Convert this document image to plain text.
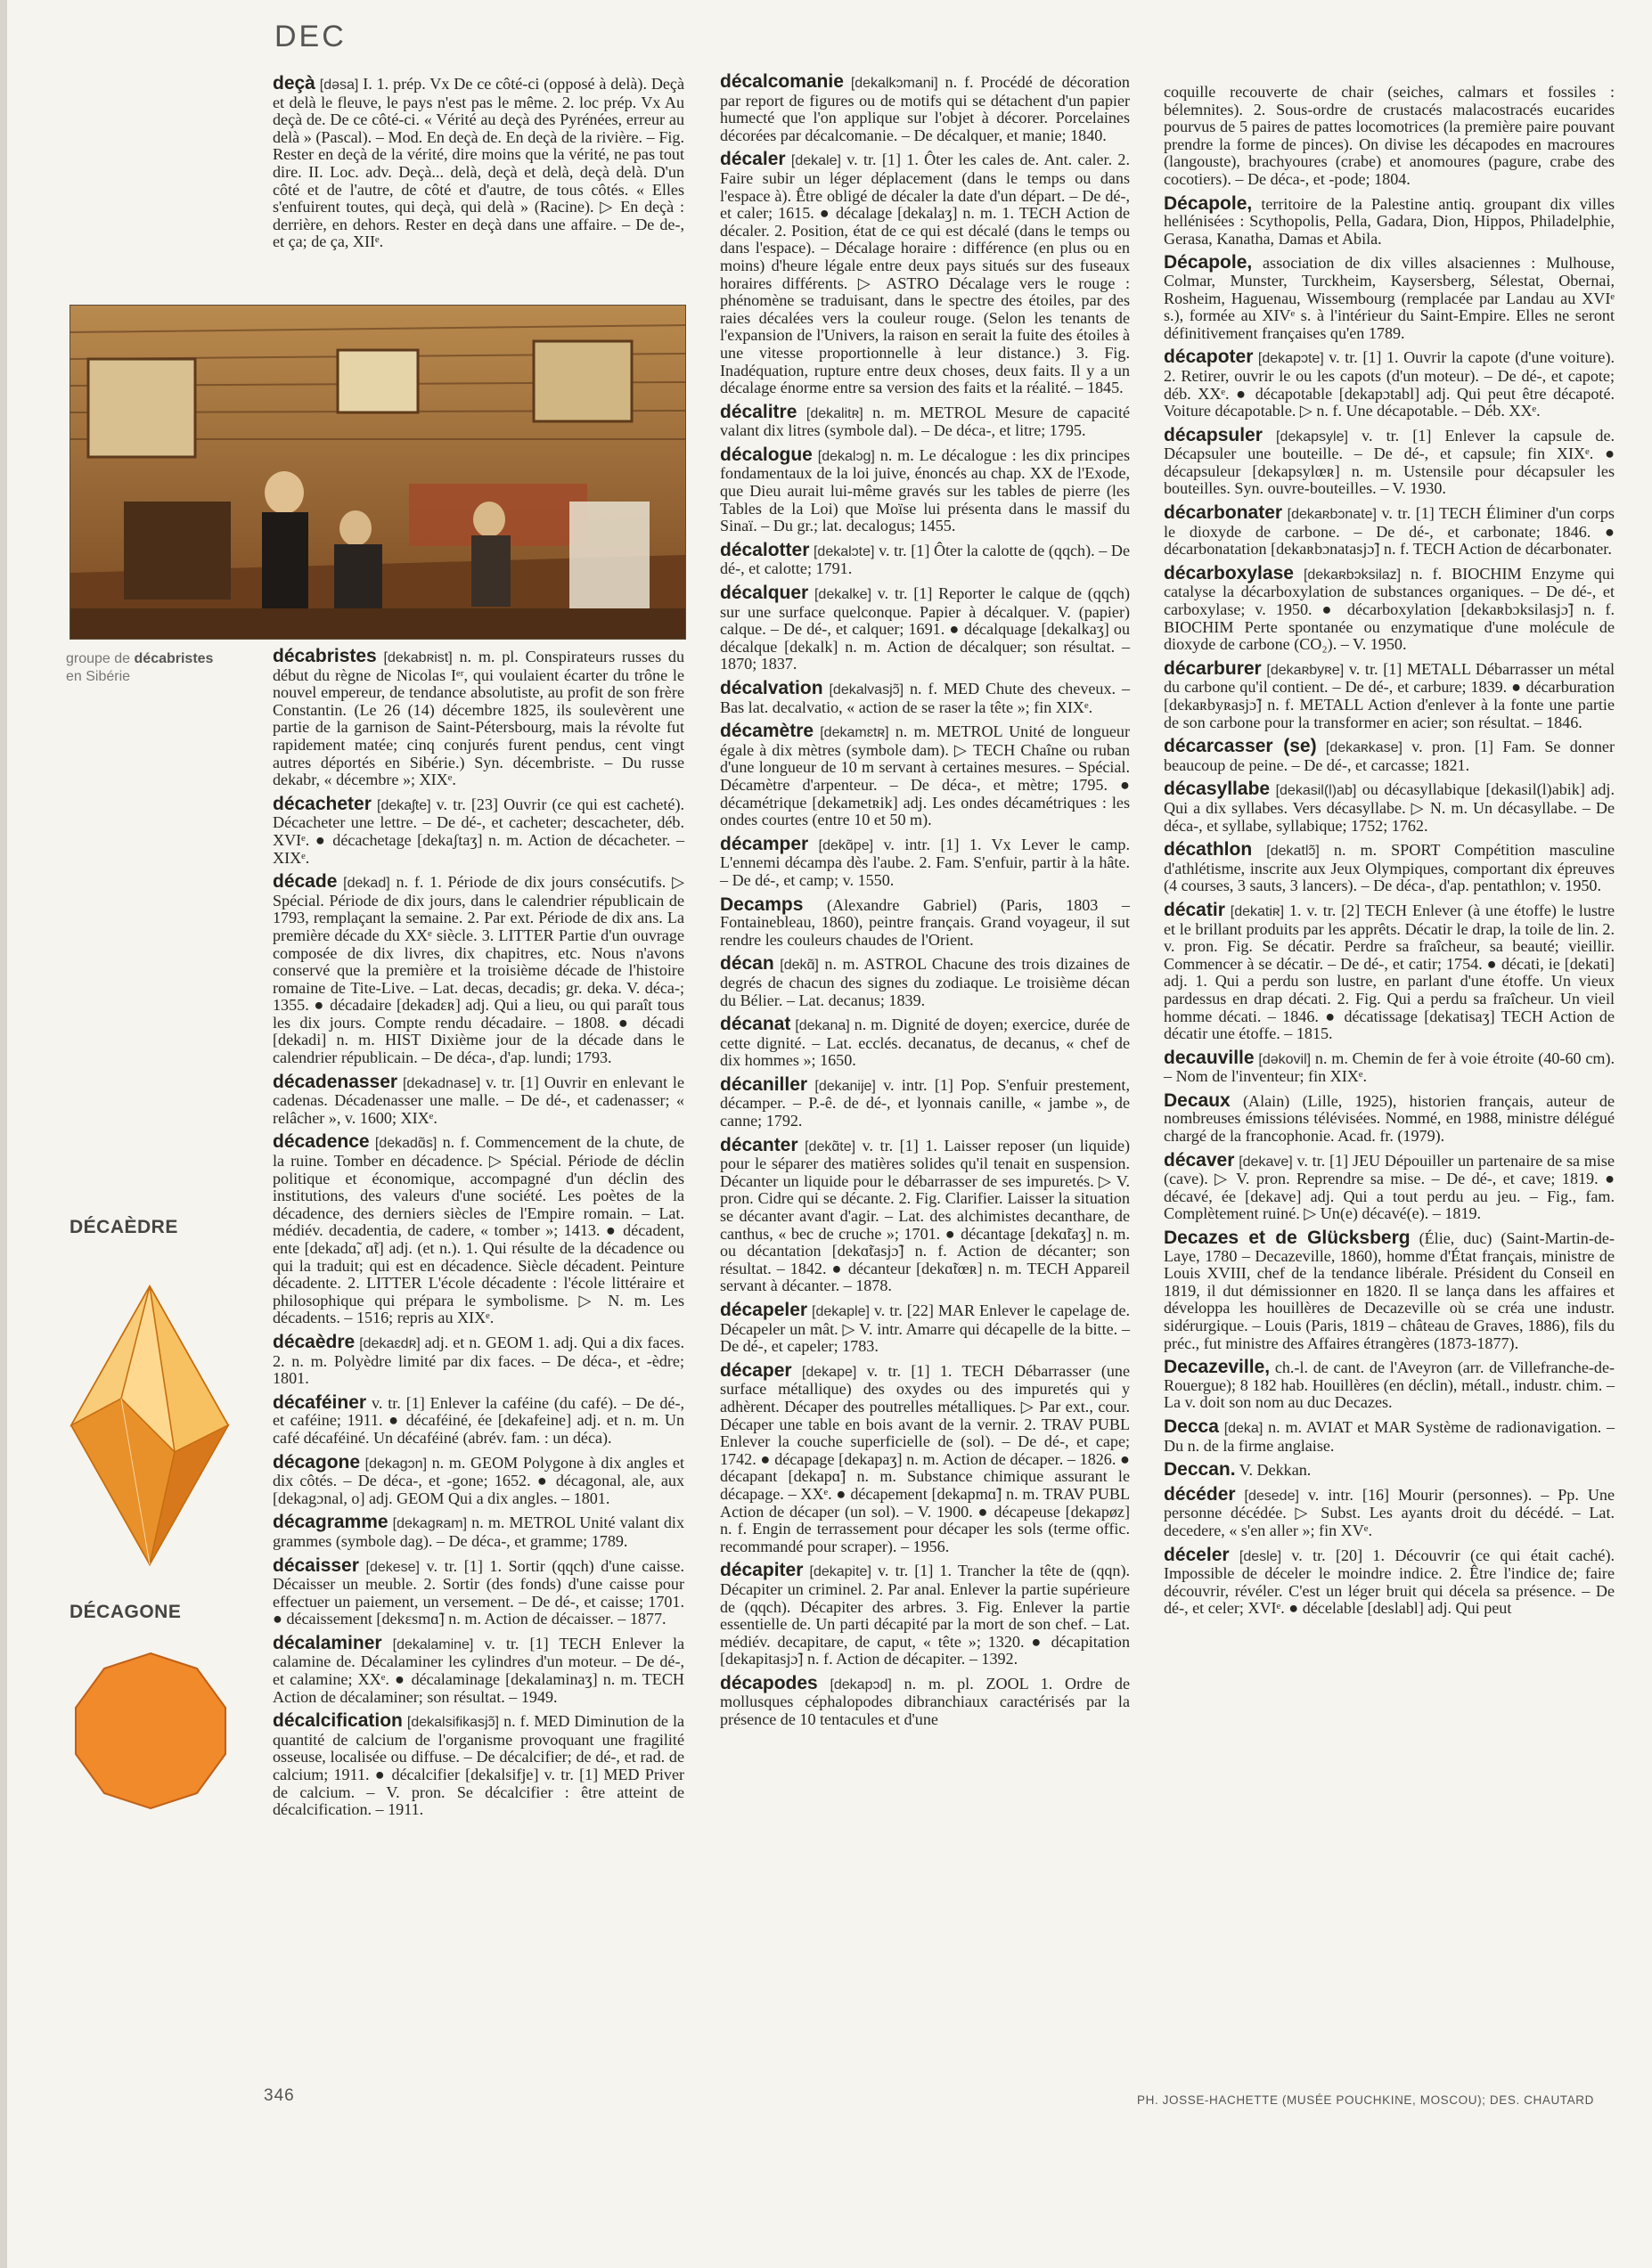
DEC
groupe de décabristes
en Sibérie
DÉCAÈDRE
DÉCAGONE

deçà [dəsa] I. 1. prép. Vx De ce côté-ci (opposé à delà). Deçà et delà le fleuve, le pays n'est pas le même. 2. loc prép. Vx Au deçà de. De ce côté-ci. « Vérité au deçà des Pyrénées, erreur au delà » (Pascal). – Mod. En deçà de. En deçà de la rivière. – Fig. Rester en deçà de la vérité, dire moins que la vérité, ne pas tout dire. II. Loc. adv. Deçà... delà, deçà et delà, deçà delà. D'un côté et de l'autre, de côté et d'autre, de tous côtés. « Elles s'enfuirent toutes, qui deçà, qui delà » (Racine). ▷ En deçà : derrière, en dehors. Rester en deçà dans une affaire. – De de-, et ça; de ça, XIIᵉ.

décabristes [dekabʀist] n. m. pl. Conspirateurs russes du début du règne de Nicolas Iᵉʳ, qui voulaient écarter du trône le nouvel empereur, de tendance absolutiste, au profit de son frère Constantin. (Le 26 (14) décembre 1825, ils soulevèrent une partie de la garnison de Saint-Pétersbourg, mais la révolte fut rapidement matée; cinq conjurés furent pendus, cent vingt autres déportés en Sibérie.) Syn. décembriste. – Du russe dekabr, « décembre »; XIXᵉ.

décacheter [dekaʃte] v. tr. [23] Ouvrir (ce qui est cacheté). Décacheter une lettre. – De dé-, et cacheter; descacheter, déb. XVIᵉ. ● décachetage [dekaʃtaʒ] n. m. Action de décacheter. – XIXᵉ.

décade [dekad] n. f. 1. Période de dix jours consécutifs. ▷ Spécial. Période de dix jours, dans le calendrier républicain de 1793, remplaçant la semaine. 2. Par ext. Période de dix ans. La première décade du XXᵉ siècle. 3. LITTER Partie d'un ouvrage composée de dix livres, dix chapitres, etc. Nous n'avons conservé que la première et la troisième décade de l'histoire romaine de Tite-Live. – Lat. decas, decadis; gr. deka. V. déca-; 1355. ● décadaire [dekadɛʀ] adj. Qui a lieu, ou qui paraît tous les dix jours. Compte rendu décadaire. – 1808. ● décadi [dekadi] n. m. HIST Dixième jour de la décade dans le calendrier républicain. – De déca-, d'ap. lundi; 1793.

décadenasser [dekadnase] v. tr. [1] Ouvrir en enlevant le cadenas. Décadenasser une malle. – De dé-, et cadenasser; « relâcher », v. 1600; XIXᵉ.

décadence [dekadɑ̃s] n. f. Commencement de la chute, de la ruine. Tomber en décadence. ▷ Spécial. Période de déclin politique et économique, accompagné d'un déclin des institutions, des valeurs d'une société. Les poètes de la décadence, des derniers siècles de l'Empire romain. – Lat. médiév. decadentia, de cadere, « tomber »; 1413. ● décadent, ente [dekadɑ̃, ɑ̃t] adj. (et n.). 1. Qui résulte de la décadence ou qui la traduit; qui est en décadence. Siècle décadent. Peinture décadente. 2. LITTER L'école décadente : l'école littéraire et philosophique qui prépara le symbolisme. ▷ N. m. Les décadents. – 1516; repris au XIXᵉ.

décaèdre [dekaɛdʀ] adj. et n. GEOM 1. adj. Qui a dix faces. 2. n. m. Polyèdre limité par dix faces. – De déca-, et -èdre; 1801.

décaféiner v. tr. [1] Enlever la caféine (du café). – De dé-, et caféine; 1911. ● décaféiné, ée [dekafeine] adj. et n. m. Un café décaféiné. Un décaféiné (abrév. fam. : un déca).

décagone [dekagɔn] n. m. GEOM Polygone à dix angles et dix côtés. – De déca-, et -gone; 1652. ● décagonal, ale, aux [dekagɔnal, o] adj. GEOM Qui a dix angles. – 1801.

décagramme [dekagʀam] n. m. METROL Unité valant dix grammes (symbole dag). – De déca-, et gramme; 1789.

décaisser [dekese] v. tr. [1] 1. Sortir (qqch) d'une caisse. Décaisser un meuble. 2. Sortir (des fonds) d'une caisse pour effectuer un paiement, un versement. – De dé-, et caisse; 1701. ● décaissement [dekɛsmɑ̃] n. m. Action de décaisser. – 1877.

décalaminer [dekalamine] v. tr. [1] TECH Enlever la calamine de. Décalaminer les cylindres d'un moteur. – De dé-, et calamine; XXᵉ. ● décalaminage [dekalaminaʒ] n. m. TECH Action de décalaminer; son résultat. – 1949.

décalcification [dekalsifikasjɔ̃] n. f. MED Diminution de la quantité de calcium de l'organisme provoquant une fragilité osseuse, localisée ou diffuse. – De décalcifier; de dé-, et rad. de calcium; 1911. ● décalcifier [dekalsifje] v. tr. [1] MED Priver de calcium. – V. pron. Se décalcifier : être atteint de décalcification. – 1911.

décalcomanie [dekalkɔmani] n. f. Procédé de décoration par report de figures ou de motifs qui se détachent d'un papier humecté que l'on applique sur l'objet à décorer. Porcelaines décorées par décalcomanie. – De décalquer, et manie; 1840.

décaler [dekale] v. tr. [1] 1. Ôter les cales de. Ant. caler. 2. Faire subir un léger déplacement (dans le temps ou dans l'espace à). Être obligé de décaler la date d'un départ. – De dé-, et caler; 1615. ● décalage [dekalaʒ] n. m. 1. TECH Action de décaler. 2. Position, état de ce qui est décalé (dans le temps ou dans l'espace). – Décalage horaire : différence (en plus ou en moins) d'heure légale entre deux pays situés sur des fuseaux horaires différents. ▷ ASTRO Décalage vers le rouge : phénomène se traduisant, dans le spectre des étoiles, par des raies décalées vers la couleur rouge. (Selon les tenants de l'expansion de l'Univers, la raison en serait la fuite des étoiles à une vitesse proportionnelle à leur distance.) 3. Fig. Inadéquation, rupture entre deux choses, deux faits. Il y a un décalage énorme entre sa version des faits et la réalité. – 1845.

décalitre [dekalitʀ] n. m. METROL Mesure de capacité valant dix litres (symbole dal). – De déca-, et litre; 1795.

décalogue [dekalɔg] n. m. Le décalogue : les dix principes fondamentaux de la loi juive, énoncés au chap. XX de l'Exode, que Dieu aurait lui-même gravés sur les tables de pierre (les Tables de la Loi) que Moïse lui présenta dans le massif du Sinaï. – Du gr.; lat. decalogus; 1455.

décalotter [dekalɔte] v. tr. [1] Ôter la calotte de (qqch). – De dé-, et calotte; 1791.

décalquer [dekalke] v. tr. [1] Reporter le calque de (qqch) sur une surface quelconque. Papier à décalquer. V. (papier) calque. – De dé-, et calquer; 1691. ● décalquage [dekalkaʒ] ou décalque [dekalk] n. m. Action de décalquer; son résultat. – 1870; 1837.

décalvation [dekalvasjɔ̃] n. f. MED Chute des cheveux. – Bas lat. decalvatio, « action de se raser la tête »; fin XIXᵉ.

décamètre [dekamɛtʀ] n. m. METROL Unité de longueur égale à dix mètres (symbole dam). ▷ TECH Chaîne ou ruban d'une longueur de 10 m servant à certaines mesures. – Spécial. Décamètre d'arpenteur. – De déca-, et mètre; 1795. ● décamétrique [dekametʀik] adj. Les ondes décamétriques : les ondes courtes (entre 10 et 50 m).

décamper [dekɑ̃pe] v. intr. [1] 1. Vx Lever le camp. L'ennemi décampa dès l'aube. 2. Fam. S'enfuir, partir à la hâte. – De dé-, et camp; v. 1550.

Decamps (Alexandre Gabriel) (Paris, 1803 – Fontainebleau, 1860), peintre français. Grand voyageur, il sut rendre les couleurs chaudes de l'Orient.

décan [dekɑ̃] n. m. ASTROL Chacune des trois dizaines de degrés de chacun des signes du zodiaque. Le troisième décan du Bélier. – Lat. decanus; 1839.

décanat [dekana] n. m. Dignité de doyen; exercice, durée de cette dignité. – Lat. ecclés. decanatus, de decanus, « chef de dix hommes »; 1650.

décaniller [dekanije] v. intr. [1] Pop. S'enfuir prestement, décamper. – P.-ê. de dé-, et lyonnais canille, « jambe », de canne; 1792.

décanter [dekɑ̃te] v. tr. [1] 1. Laisser reposer (un liquide) pour le séparer des matières solides qu'il tenait en suspension. Décanter un liquide pour le débarrasser de ses impuretés. ▷ V. pron. Cidre qui se décante. 2. Fig. Clarifier. Laisser la situation se décanter avant d'agir. – Lat. des alchimistes decanthare, de canthus, « bec de cruche »; 1701. ● décantage [dekɑ̃taʒ] n. m. ou décantation [dekɑ̃tasjɔ̃] n. f. Action de décanter; son résultat. – 1842. ● décanteur [dekɑ̃tœʀ] n. m. TECH Appareil servant à décanter. – 1878.

décapeler [dekaple] v. tr. [22] MAR Enlever le capelage de. Décapeler un mât. ▷ V. intr. Amarre qui décapelle de la bitte. – De dé-, et capeler; 1783.

décaper [dekape] v. tr. [1] 1. TECH Débarrasser (une surface métallique) des oxydes ou des impuretés qui y adhèrent. Décaper des poutrelles métalliques. ▷ Par ext., cour. Décaper une table en bois avant de la vernir. 2. TRAV PUBL Enlever la couche superficielle de (sol). – De dé-, et cape; 1742. ● décapage [dekapaʒ] n. m. Action de décaper. – 1826. ● décapant [dekapɑ̃] n. m. Substance chimique assurant le décapage. – XXᵉ. ● décapement [dekapmɑ̃] n. m. TRAV PUBL Action de décaper (un sol). – V. 1900. ● décapeuse [dekapøz] n. f. Engin de terrassement pour décaper les sols (terme offic. recommandé pour scraper). – 1956.

décapiter [dekapite] v. tr. [1] 1. Trancher la tête de (qqn). Décapiter un criminel. 2. Par anal. Enlever la partie supérieure de (qqch). Décapiter des arbres. 3. Fig. Enlever la partie essentielle de. Un parti décapité par la mort de son chef. – Lat. médiév. decapitare, de caput, « tête »; 1320. ● décapitation [dekapitasjɔ̃] n. f. Action de décapiter. – 1392.

décapodes [dekapɔd] n. m. pl. ZOOL 1. Ordre de mollusques céphalopodes dibranchiaux caractérisés par la présence de 10 tentacules et d'une

coquille recouverte de chair (seiches, calmars et fossiles : bélemnites). 2. Sous-ordre de crustacés malacostracés eucarides pourvus de 5 paires de pattes locomotrices (la première paire pouvant prendre la forme de pinces). On divise les décapodes en macroures (langouste), brachyoures (crabe) et anomoures (pagure, crabe des cocotiers). – De déca-, et -pode; 1804.

Décapole, territoire de la Palestine antiq. groupant dix villes hellénisées : Scythopolis, Pella, Gadara, Dion, Hippos, Philadelphie, Gerasa, Kanatha, Damas et Abila.

Décapole, association de dix villes alsaciennes : Mulhouse, Colmar, Munster, Turckheim, Kaysersberg, Sélestat, Obernai, Rosheim, Haguenau, Wissembourg (remplacée par Landau au XVIᵉ s.), formée au XIVᵉ s. à l'intérieur du Saint-Empire. Elles ne seront définitivement françaises qu'en 1789.

décapoter [dekapɔte] v. tr. [1] 1. Ouvrir la capote (d'une voiture). 2. Retirer, ouvrir le ou les capots (d'un moteur). – De dé-, et capote; déb. XXᵉ. ● décapotable [dekapɔtabl] adj. Qui peut être décapoté. Voiture décapotable. ▷ n. f. Une décapotable. – Déb. XXᵉ.

décapsuler [dekapsyle] v. tr. [1] Enlever la capsule de. Décapsuler une bouteille. – De dé-, et capsule; fin XIXᵉ. ● décapsuleur [dekapsylœʀ] n. m. Ustensile pour décapsuler les bouteilles. Syn. ouvre-bouteilles. – V. 1930.

décarbonater [dekaʀbɔnate] v. tr. [1] TECH Éliminer d'un corps le dioxyde de carbone. – De dé-, et carbonate; 1846. ● décarbonatation [dekaʀbɔnatasjɔ̃] n. f. TECH Action de décarbonater.

décarboxylase [dekaʀbɔksilaz] n. f. BIOCHIM Enzyme qui catalyse la décarboxylation de substances organiques. – De dé-, et carboxylase; v. 1950. ● décarboxylation [dekaʀbɔksilasjɔ̃] n. f. BIOCHIM Perte spontanée ou enzymatique d'une molécule de dioxyde de carbone (CO₂). – V. 1950.

décarburer [dekaʀbyʀe] v. tr. [1] METALL Débarrasser un métal du carbone qu'il contient. – De dé-, et carbure; 1839. ● décarburation [dekaʀbyʀasjɔ̃] n. f. METALL Action d'enlever à la fonte une partie de son carbone pour la transformer en acier; son résultat. – 1846.

décarcasser (se) [dekaʀkase] v. pron. [1] Fam. Se donner beaucoup de peine. – De dé-, et carcasse; 1821.

décasyllabe [dekasil(l)ab] ou décasyllabique [dekasil(l)abik] adj. Qui a dix syllabes. Vers décasyllabe. ▷ N. m. Un décasyllabe. – De déca-, et syllabe, syllabique; 1752; 1762.

décathlon [dekatlɔ̃] n. m. SPORT Compétition masculine d'athlétisme, inscrite aux Jeux Olympiques, comportant dix épreuves (4 courses, 3 sauts, 3 lancers). – De déca-, d'ap. pentathlon; v. 1950.

décatir [dekatiʀ] 1. v. tr. [2] TECH Enlever (à une étoffe) le lustre et le brillant produits par les apprêts. Décatir le drap, la toile de lin. 2. v. pron. Fig. Se décatir. Perdre sa fraîcheur, sa beauté; vieillir. Commencer à se décatir. – De dé-, et catir; 1754. ● décati, ie [dekati] adj. 1. Qui a perdu son lustre, en parlant d'une étoffe. Un vieux pardessus en drap décati. 2. Fig. Qui a perdu sa fraîcheur. Un vieil homme décati. – 1846. ● décatissage [dekatisaʒ] TECH Action de décatir une étoffe. – 1815.

decauville [dəkovil] n. m. Chemin de fer à voie étroite (40-60 cm). – Nom de l'inventeur; fin XIXᵉ.

Decaux (Alain) (Lille, 1925), historien français, auteur de nombreuses émissions télévisées. Nommé, en 1988, ministre délégué chargé de la francophonie. Acad. fr. (1979).

décaver [dekave] v. tr. [1] JEU Dépouiller un partenaire de sa mise (cave). ▷ V. pron. Reprendre sa mise. – De dé-, et cave; 1819. ● décavé, ée [dekave] adj. Qui a tout perdu au jeu. – Fig., fam. Complètement ruiné. ▷ Un(e) décavé(e). – 1819.

Decazes et de Glücksberg (Élie, duc) (Saint-Martin-de-Laye, 1780 – Decazeville, 1860), homme d'État français, ministre de Louis XVIII, chef de la tendance libérale. Président du Conseil en 1819, il dut démissionner en 1820. Il se lança dans les affaires et développa les houillères de Decazeville où se créa une industr. sidérurgique. – Louis (Paris, 1819 – château de Graves, 1886), fils du préc., fut ministre des Affaires étrangères (1873-1877).

Decazeville, ch.-l. de cant. de l'Aveyron (arr. de Villefranche-de-Rouergue); 8 182 hab. Houillères (en déclin), métall., industr. chim. – La v. doit son nom au duc Decazes.

Decca [deka] n. m. AVIAT et MAR Système de radionavigation. – Du n. de la firme anglaise.

Deccan. V. Dekkan.

décéder [desede] v. intr. [16] Mourir (personnes). – Pp. Une personne décédée. ▷ Subst. Les ayants droit du décédé. – Lat. decedere, « s'en aller »; fin XVᵉ.

déceler [desle] v. tr. [20] 1. Découvrir (ce qui était caché). Impossible de déceler le moindre indice. 2. Être l'indice de; faire découvrir, révéler. C'est un léger bruit qui décela sa présence. – De dé-, et celer; XVIᵉ. ● décelable [deslabl] adj. Qui peut

346	PH. JOSSE-HACHETTE (MUSÉE POUCHKINE, MOSCOU); DES. CHAUTARD
